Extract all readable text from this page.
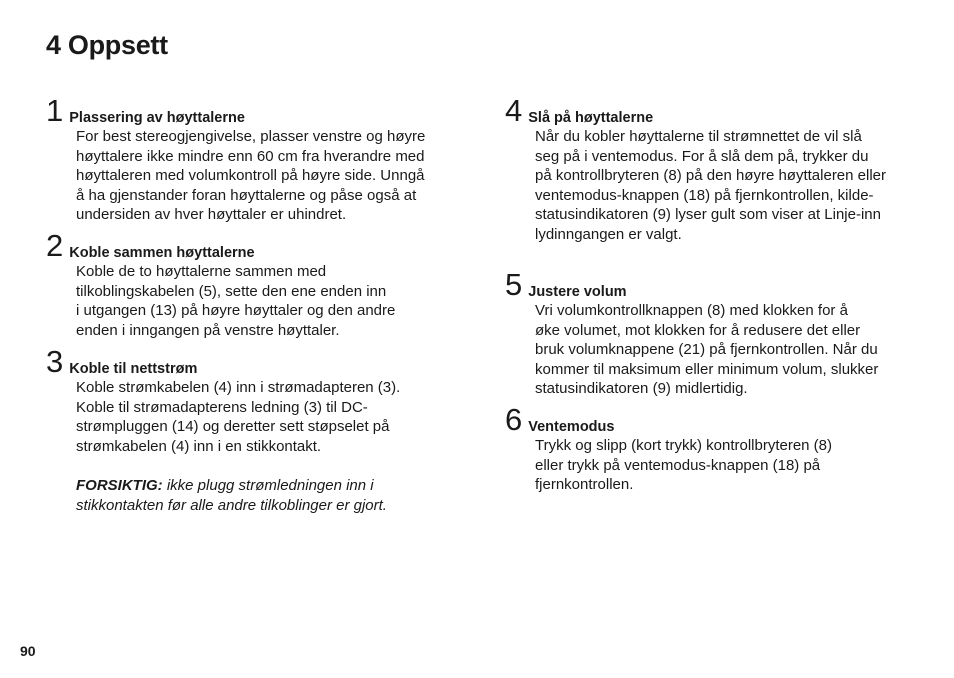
4 Oppsett
1 Plassering av høyttalerne
For best stereogjengivelse, plasser venstre og høyre
høyttalere ikke mindre enn 60 cm fra hverandre med
høyttaleren med volumkontroll på høyre side. Unngå
å ha gjenstander foran høyttalerne og påse også at
undersiden av hver høyttaler er uhindret.
2 Koble sammen høyttalerne
Koble de to høyttalerne sammen med
tilkoblingskabelen (5), sette den ene enden inn
i utgangen (13) på høyre høyttaler og den andre
enden i inngangen på venstre høyttaler.
3 Koble til nettstrøm
Koble strømkabelen (4) inn i strømadapteren (3).
Koble til strømadapterens ledning (3) til DC-
strømpluggen (14) og deretter sett støpselet på
strømkabelen (4) inn i en stikkontakt.
FORSIKTIG: ikke plugg strømledningen inn i
stikkontakten før alle andre tilkoblinger er gjort.
4 Slå på høyttalerne
Når du kobler høyttalerne til strømnettet de vil slå
seg på i ventemodus. For å slå dem på, trykker du
på kontrollbryteren (8) på den høyre høyttaleren eller
ventemodus-knappen (18) på fjernkontrollen, kilde-
statusindikatoren (9) lyser gult som viser at Linje-inn
lydinngangen er valgt.
5 Justere volum
Vri volumkontrollknappen (8) med klokken for å
øke volumet, mot klokken for å redusere det eller
bruk volumknappene (21) på fjernkontrollen. Når du
kommer til maksimum eller minimum volum, slukker
statusindikatoren (9) midlertidig.
6 Ventemodus
Trykk og slipp (kort trykk) kontrollbryteren (8)
eller trykk på ventemodus-knappen (18) på
fjernkontrollen.
90
